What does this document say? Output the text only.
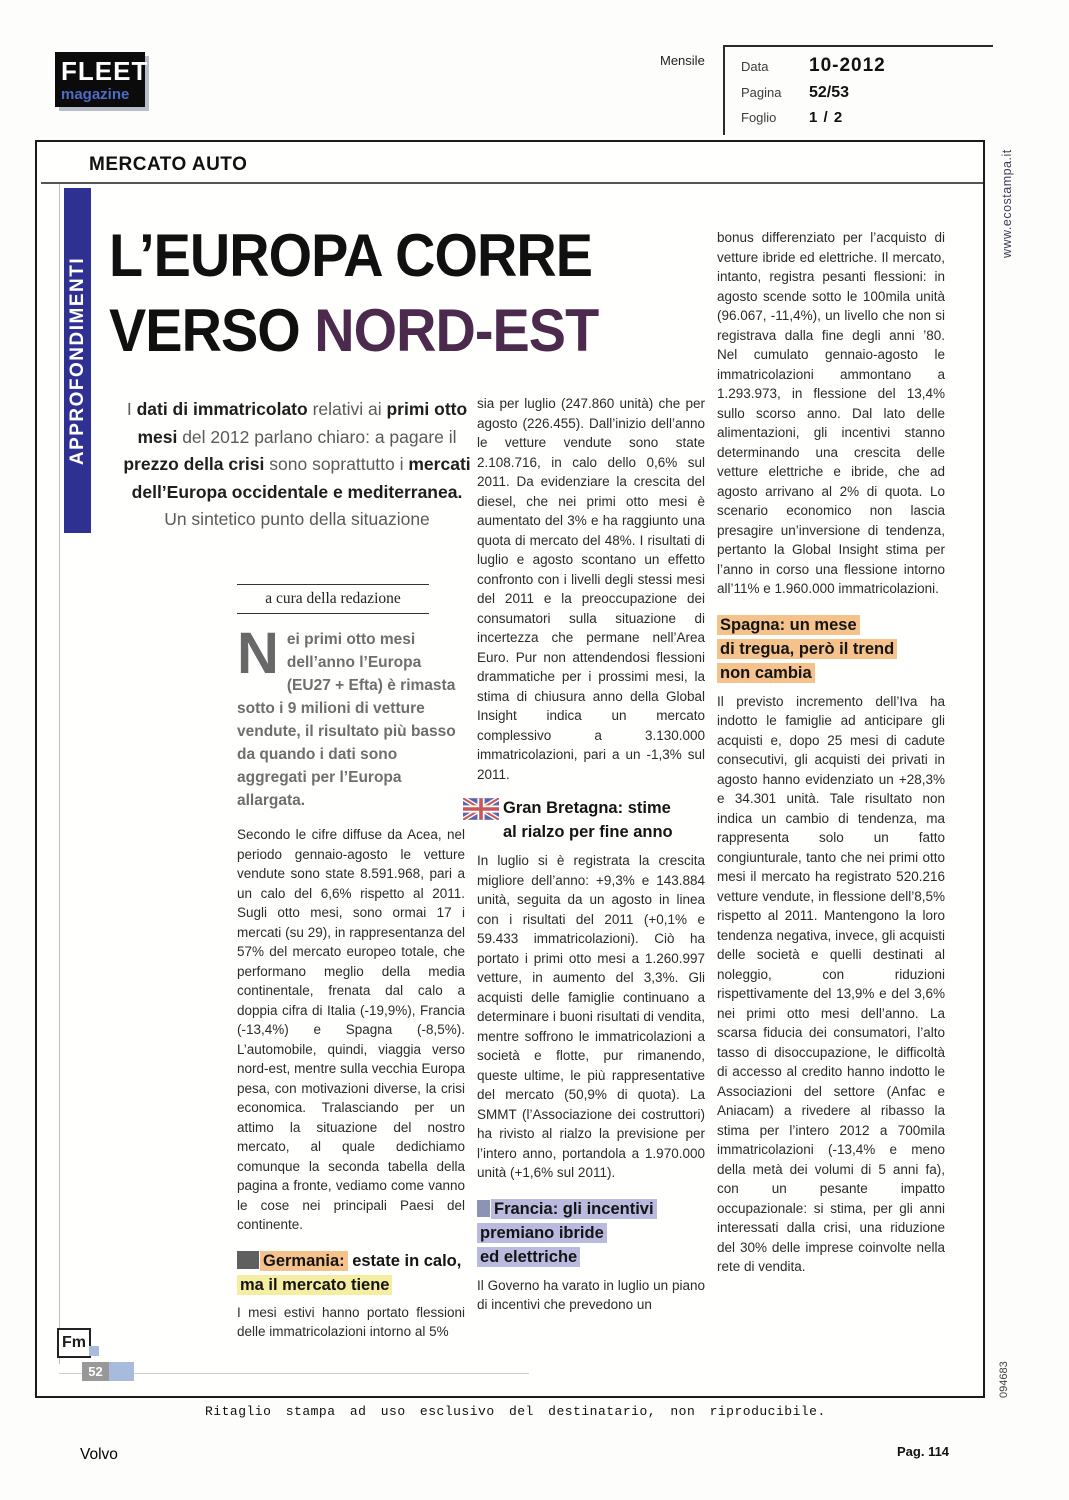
FLEET
magazine
Mensile	Data	10-2012
Pagina	52/53
Foglio	1 / 2
www.ecostampa.it
094683
MERCATO AUTO
APPROFONDIMENTI
L’EUROPA CORRE
VERSO NORD-EST
I dati di immatricolato relativi ai primi otto mesi del 2012 parlano chiaro: a pagare il prezzo della crisi sono soprattutto i mercati dell’Europa occidentale e mediterranea. Un sintetico punto della situazione
a cura della redazione
Nei primi otto mesi dell’anno l’Europa (EU27 + Efta) è rimasta sotto i 9 milioni di vetture vendute, il risultato più basso da quando i dati sono aggregati per l’Europa allargata.
Secondo le cifre diffuse da Acea, nel periodo gennaio-agosto le vetture vendute sono state 8.591.968, pari a un calo del 6,6% rispetto al 2011. Sugli otto mesi, sono ormai 17 i mercati (su 29), in rappresentanza del 57% del mercato europeo totale, che performano meglio della media continentale, frenata dal calo a doppia cifra di Italia (-19,9%), Francia (-13,4%) e Spagna (-8,5%). L’automobile, quindi, viaggia verso nord-est, mentre sulla vecchia Europa pesa, con motivazioni diverse, la crisi economica. Tralasciando per un attimo la situazione del nostro mercato, al quale dedichiamo comunque la seconda tabella della pagina a fronte, vediamo come vanno le cose nei principali Paesi del continente.
Germania: estate in calo,
ma il mercato tiene
I mesi estivi hanno portato flessioni delle immatricolazioni intorno al 5%
sia per luglio (247.860 unità) che per agosto (226.455). Dall’inizio dell’anno le vetture vendute sono state 2.108.716, in calo dello 0,6% sul 2011. Da evidenziare la crescita del diesel, che nei primi otto mesi è aumentato del 3% e ha raggiunto una quota di mercato del 48%. I risultati di luglio e agosto scontano un effetto confronto con i livelli degli stessi mesi del 2011 e la preoccupazione dei consumatori sulla situazione di incertezza che permane nell’Area Euro. Pur non attendendosi flessioni drammatiche per i prossimi mesi, la stima di chiusura anno della Global Insight indica un mercato complessivo a 3.130.000 immatricolazioni, pari a un -1,3% sul 2011.
Gran Bretagna: stime
al rialzo per fine anno
In luglio si è registrata la crescita migliore dell’anno: +9,3% e 143.884 unità, seguita da un agosto in linea con i risultati del 2011 (+0,1% e 59.433 immatricolazioni). Ciò ha portato i primi otto mesi a 1.260.997 vetture, in aumento del 3,3%. Gli acquisti delle famiglie continuano a determinare i buoni risultati di vendita, mentre soffrono le immatricolazioni a società e flotte, pur rimanendo, queste ultime, le più rappresentative del mercato (50,9% di quota). La SMMT (l’Associazione dei costruttori) ha rivisto al rialzo la previsione per l’intero anno, portandola a 1.970.000 unità (+1,6% sul 2011).
Francia: gli incentivi
premiano ibride
ed elettriche
Il Governo ha varato in luglio un piano di incentivi che prevedono un
bonus differenziato per l’acquisto di vetture ibride ed elettriche. Il mercato, intanto, registra pesanti flessioni: in agosto scende sotto le 100mila unità (96.067, -11,4%), un livello che non si registrava dalla fine degli anni ’80. Nel cumulato gennaio-agosto le immatricolazioni ammontano a 1.293.973, in flessione del 13,4% sullo scorso anno. Dal lato delle alimentazioni, gli incentivi stanno determinando una crescita delle vetture elettriche e ibride, che ad agosto arrivano al 2% di quota. Lo scenario economico non lascia presagire un’inversione di tendenza, pertanto la Global Insight stima per l’anno in corso una flessione intorno all’11% e 1.960.000 immatricolazioni.
Spagna: un mese
di tregua, però il trend
non cambia
Il previsto incremento dell’Iva ha indotto le famiglie ad anticipare gli acquisti e, dopo 25 mesi di cadute consecutivi, gli acquisti dei privati in agosto hanno evidenziato un +28,3% e 34.301 unità. Tale risultato non indica un cambio di tendenza, ma rappresenta solo un fatto congiunturale, tanto che nei primi otto mesi il mercato ha registrato 520.216 vetture vendute, in flessione dell’8,5% rispetto al 2011. Mantengono la loro tendenza negativa, invece, gli acquisti delle società e quelli destinati al noleggio, con riduzioni rispettivamente del 13,9% e del 3,6% nei primi otto mesi dell’anno. La scarsa fiducia dei consumatori, l’alto tasso di disoccupazione, le difficoltà di accesso al credito hanno indotto le Associazioni del settore (Anfac e Aniacam) a rivedere al ribasso la stima per l’intero 2012 a 700mila immatricolazioni (-13,4% e meno della metà dei volumi di 5 anni fa), con un pesante impatto occupazionale: si stima, per gli anni interessati dalla crisi, una riduzione del 30% delle imprese coinvolte nella rete di vendita.
Fm
52
Ritaglio stampa ad uso esclusivo del destinatario, non riproducibile.
Volvo	Pag. 114
